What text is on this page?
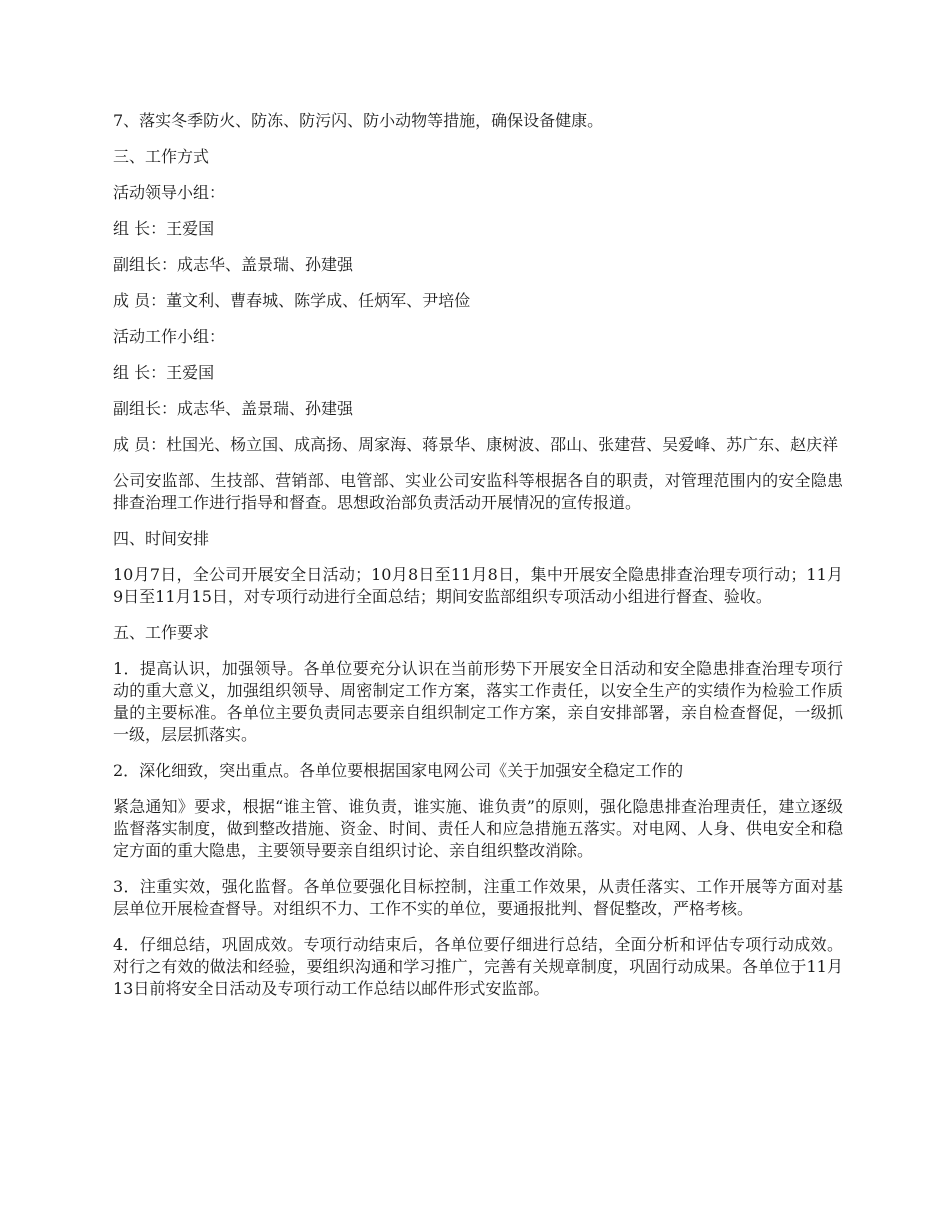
7、落实冬季防火、防冻、防污闪、防小动物等措施，确保设备健康。

三、工作方式

活动领导小组：

组 长：王爱国

副组长：成志华、盖景瑞、孙建强

成 员：董文利、曹春城、陈学成、任炳军、尹培俭

活动工作小组：

组 长：王爱国

副组长：成志华、盖景瑞、孙建强

成 员：杜国光、杨立国、成高扬、周家海、蒋景华、康树波、邵山、张建营、吴爱峰、苏广东、赵庆祥

公司安监部、生技部、营销部、电管部、实业公司安监科等根据各自的职责，对管理范围内的安全隐患排查治理工作进行指导和督查。思想政治部负责活动开展情况的宣传报道。

四、时间安排

10月7日，全公司开展安全日活动；10月8日至11月8日，集中开展安全隐患排查治理专项行动；11月9日至11月15日，对专项行动进行全面总结；期间安监部组织专项活动小组进行督查、验收。

五、工作要求

1．提高认识，加强领导。各单位要充分认识在当前形势下开展安全日活动和安全隐患排查治理专项行动的重大意义，加强组织领导、周密制定工作方案，落实工作责任，以安全生产的实绩作为检验工作质量的主要标准。各单位主要负责同志要亲自组织制定工作方案，亲自安排部署，亲自检查督促，一级抓一级，层层抓落实。

2．深化细致，突出重点。各单位要根据国家电网公司《关于加强安全稳定工作的

紧急通知》要求，根据“谁主管、谁负责，谁实施、谁负责”的原则，强化隐患排查治理责任，建立逐级监督落实制度，做到整改措施、资金、时间、责任人和应急措施五落实。对电网、人身、供电安全和稳定方面的重大隐患，主要领导要亲自组织讨论、亲自组织整改消除。

3．注重实效，强化监督。各单位要强化目标控制，注重工作效果，从责任落实、工作开展等方面对基层单位开展检查督导。对组织不力、工作不实的单位，要通报批判、督促整改，严格考核。

4．仔细总结，巩固成效。专项行动结束后，各单位要仔细进行总结，全面分析和评估专项行动成效。对行之有效的做法和经验，要组织沟通和学习推广，完善有关规章制度，巩固行动成果。各单位于11月13日前将安全日活动及专项行动工作总结以邮件形式安监部。
